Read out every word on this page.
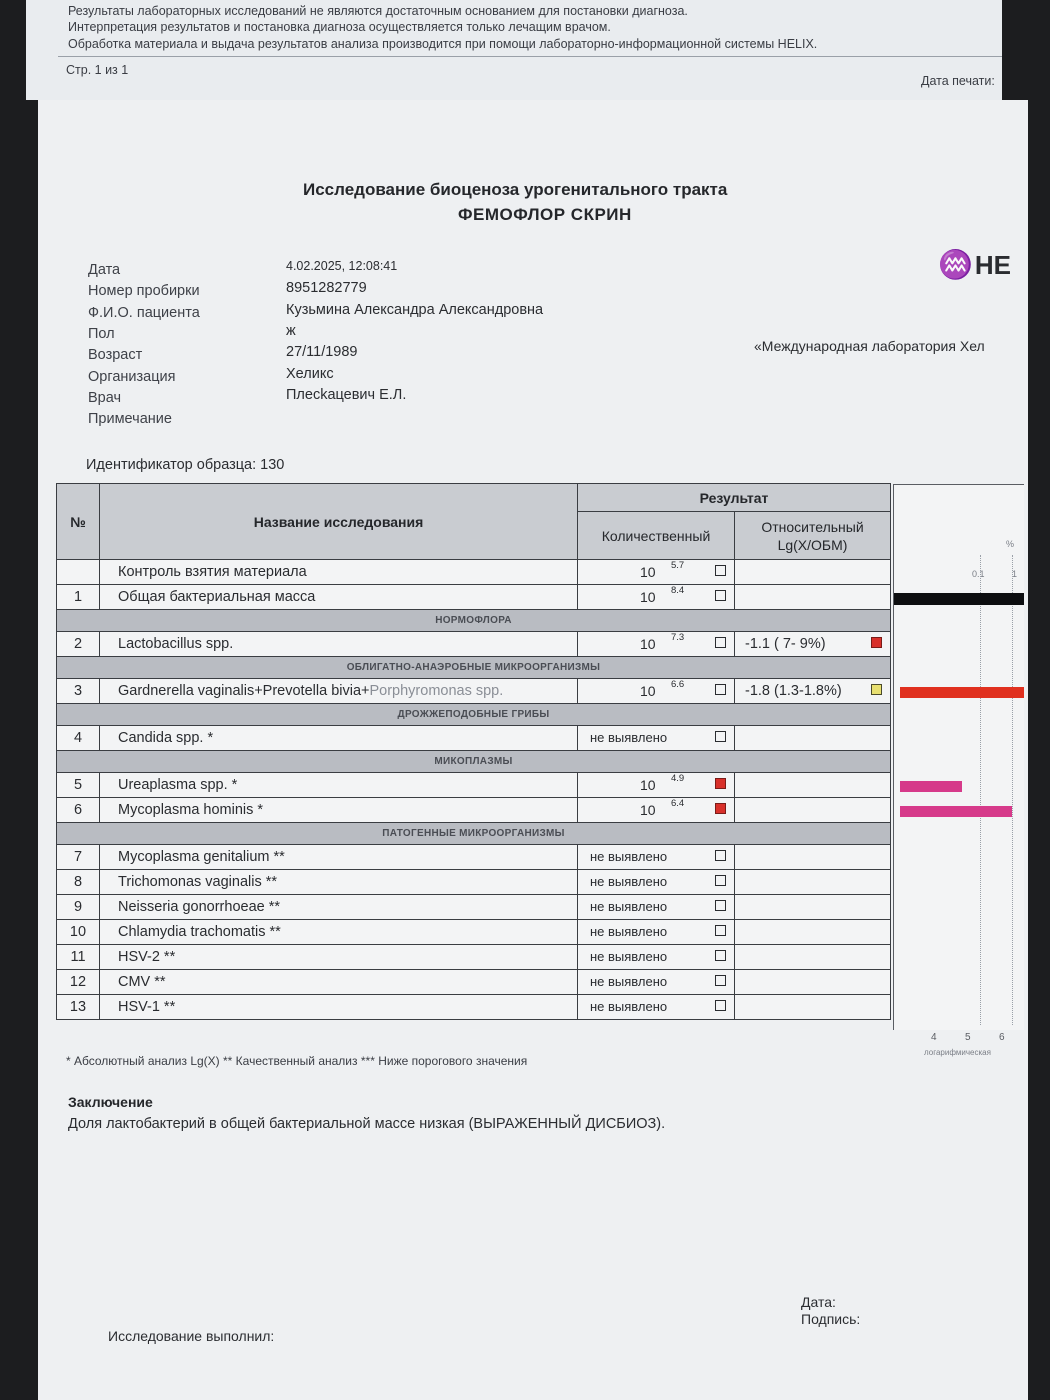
Результаты лабораторных исследований не являются достаточным основанием для постановки диагноза.
Интерпретация результатов и постановка диагноза осуществляется только лечащим врачом.
Обработка материала и выдача результатов анализа производится при помощи лабораторно-информационной системы HELIX.
Стр. 1 из 1
Дата печати:
Исследование биоценоза урогенитального тракта
ФЕМОФЛОР СКРИН
♒HE
Дата	4.02.2025, 12:08:41
Номер пробирки	8951282779
Ф.И.О. пациента	Кузьмина Александра Александровна
Пол	ж
Возраст	27/11/1989
Организация	Хеликс
Врач	Плесkaцевич Е.Л.
Примечание
«Международная лаборатория Хел
Идентификатор образца: 130
№	Название исследования	Результат	
		Количественный	Относительный Lg(X/ОБМ)
	Контроль взятия материала	10 5.7	

1	Общая бактериальная масса	10 8.4	

НОРМОФЛОРА			
2	Lactobacillus spp.	10 7.3	-1.1 ( 7- 9%)

ОБЛИГАТНО-АНАЭРОБНЫЕ МИКРООРГАНИЗМЫ			
3	Gardnerella vaginalis+Prevotella bivia+Porphyromonas spp.	10 6.6	-1.8 (1.3-1.8%)

ДРОЖЖЕПОДОБНЫЕ ГРИБЫ			
4	Candida spp. *	не выявлено	

МИКОПЛАЗМЫ			
5	Ureaplasma spp. *	10 4.9	

6	Mycoplasma hominis *	10 6.4	

ПАТОГЕННЫЕ МИКРООРГАНИЗМЫ			
7	Mycoplasma genitalium **	не выявлено	

8	Trichomonas vaginalis **	не выявлено	

9	Neisseria gonorrhoeae **	не выявлено	

10	Chlamydia trachomatis **	не выявлено	

11	HSV-2 **	не выявлено	

12	CMV **	не выявлено	

13	HSV-1 **	не выявлено	

0.1	1
%
4	5	6
логарифмическая
* Абсолютный анализ Lg(X) ** Качественный анализ *** Ниже порогового значения
Заключение
Доля лактобактерий в общей бактериальной массе низкая (ВЫРАЖЕННЫЙ ДИСБИОЗ).
Дата:
Подпись:
Исследование выполнил:
